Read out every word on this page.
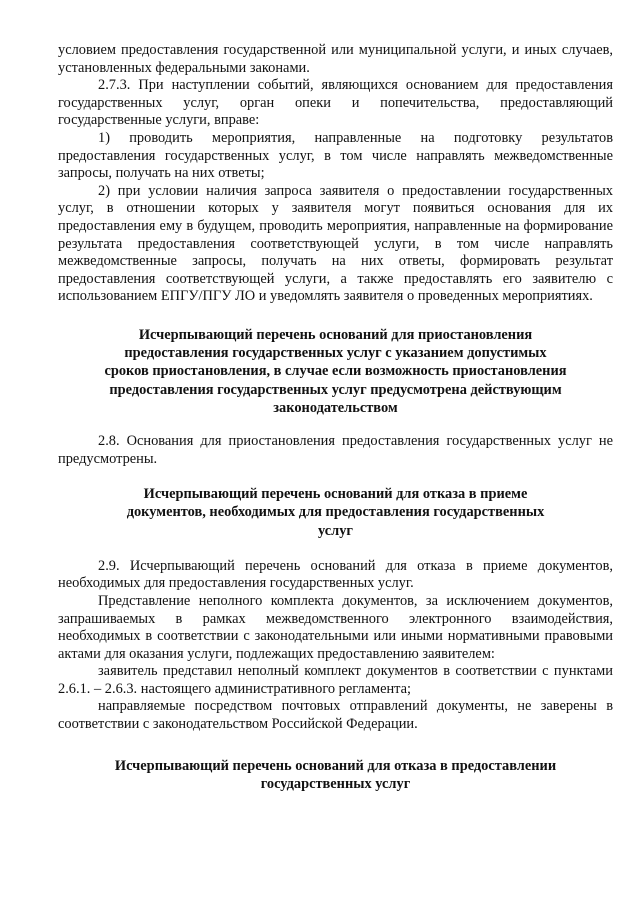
условием предоставления государственной или муниципальной услуги, и иных случаев, установленных федеральными законами.

2.7.3. При наступлении событий, являющихся основанием для предоставления государственных услуг, орган опеки и попечительства, предоставляющий государственные услуги, вправе:

1) проводить мероприятия, направленные на подготовку результатов предоставления государственных услуг, в том числе направлять межведомственные запросы, получать на них ответы;

2) при условии наличия запроса заявителя о предоставлении государственных услуг, в отношении которых у заявителя могут появиться основания для их предоставления ему в будущем, проводить мероприятия, направленные на формирование результата предоставления соответствующей услуги, в том числе направлять межведомственные запросы, получать на них ответы, формировать результат предоставления соответствующей услуги, а также предоставлять его заявителю с использованием ЕПГУ/ПГУ ЛО и уведомлять заявителя о проведенных мероприятиях.

Исчерпывающий перечень оснований для приостановления предоставления государственных услуг с указанием допустимых сроков приостановления, в случае если возможность приостановления предоставления государственных услуг предусмотрена действующим законодательством

2.8. Основания для приостановления предоставления государственных услуг не предусмотрены.

Исчерпывающий перечень оснований для отказа в приеме документов, необходимых для предоставления государственных услуг

2.9. Исчерпывающий перечень оснований для отказа в приеме документов, необходимых для предоставления государственных услуг.

Представление неполного комплекта документов, за исключением документов, запрашиваемых в рамках межведомственного электронного взаимодействия, необходимых в соответствии с законодательными или иными нормативными правовыми актами для оказания услуги, подлежащих предоставлению заявителем:

заявитель представил неполный комплект документов в соответствии с пунктами 2.6.1. – 2.6.3. настоящего административного регламента;

направляемые посредством почтовых отправлений документы, не заверены в соответствии с законодательством Российской Федерации.

Исчерпывающий перечень оснований для отказа в предоставлении государственных услуг
